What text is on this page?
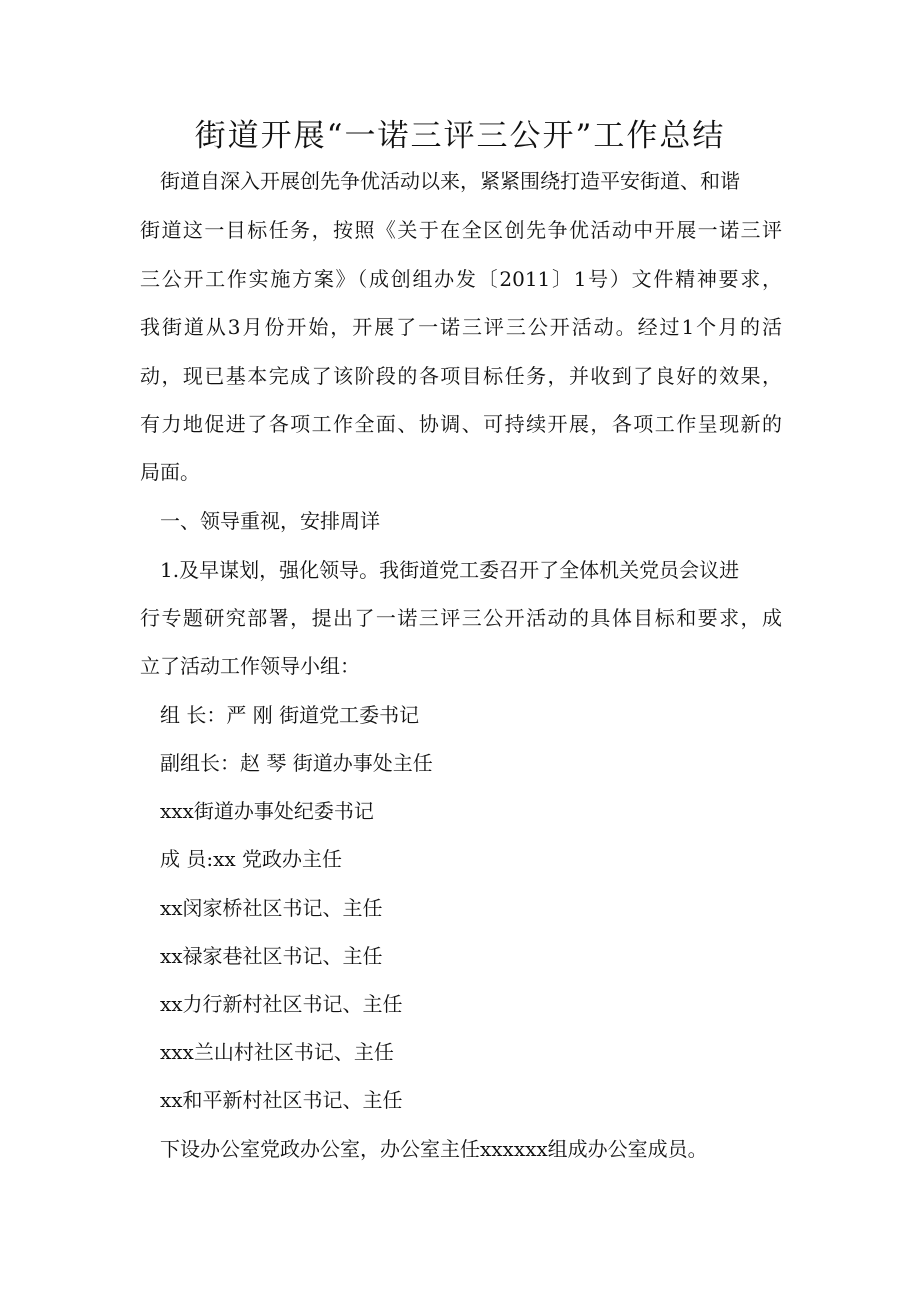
街道开展“一诺三评三公开”工作总结
街道自深入开展创先争优活动以来，紧紧围绕打造平安街道、和谐
街道这一目标任务，按照《关于在全区创先争优活动中开展一诺三评
三公开工作实施方案》（成创组办发〔2011〕1号）文件精神要求，
我街道从3月份开始，开展了一诺三评三公开活动。经过1个月的活
动，现已基本完成了该阶段的各项目标任务，并收到了良好的效果，
有力地促进了各项工作全面、协调、可持续开展，各项工作呈现新的
局面。
一、领导重视，安排周详
1.及早谋划，强化领导。我街道党工委召开了全体机关党员会议进
行专题研究部署，提出了一诺三评三公开活动的具体目标和要求，成
立了活动工作领导小组：
组 长：严 刚 街道党工委书记
副组长：赵 琴 街道办事处主任
xxx街道办事处纪委书记
成 员:xx 党政办主任
xx闵家桥社区书记、主任
xx禄家巷社区书记、主任
xx力行新村社区书记、主任
xxx兰山村社区书记、主任
xx和平新村社区书记、主任
下设办公室党政办公室，办公室主任xxxxxx组成办公室成员。
